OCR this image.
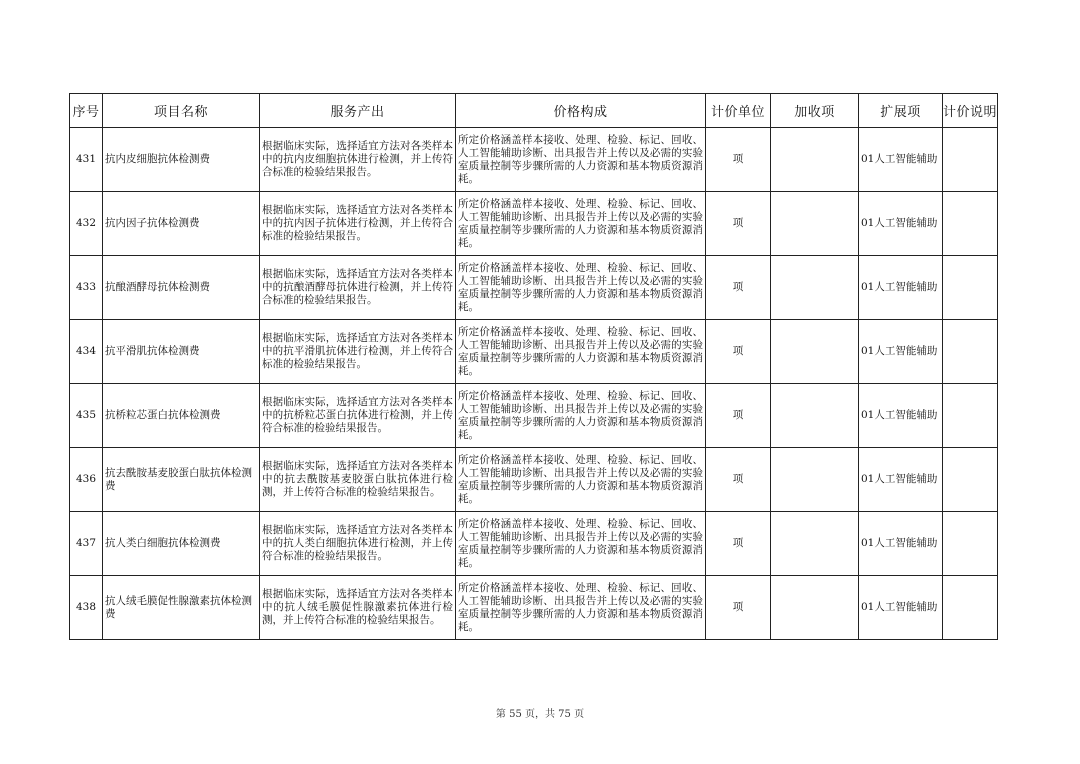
序号	项目名称	服务产出	价格构成	计价单位	加收项	扩展项	计价说明
431	抗内皮细胞抗体检测费	根据临床实际，选择适宜方法对各类样本中的抗内皮细胞抗体进行检测，并上传符合标准的检验结果报告。	所定价格涵盖样本接收、处理、检验、标记、回收、人工智能辅助诊断、出具报告并上传以及必需的实验室质量控制等步骤所需的人力资源和基本物质资源消耗。	项		01人工智能辅助	
432	抗内因子抗体检测费	根据临床实际，选择适宜方法对各类样本中的抗内因子抗体进行检测，并上传符合标准的检验结果报告。	所定价格涵盖样本接收、处理、检验、标记、回收、人工智能辅助诊断、出具报告并上传以及必需的实验室质量控制等步骤所需的人力资源和基本物质资源消耗。	项		01人工智能辅助	
433	抗酿酒酵母抗体检测费	根据临床实际，选择适宜方法对各类样本中的抗酿酒酵母抗体进行检测，并上传符合标准的检验结果报告。	所定价格涵盖样本接收、处理、检验、标记、回收、人工智能辅助诊断、出具报告并上传以及必需的实验室质量控制等步骤所需的人力资源和基本物质资源消耗。	项		01人工智能辅助	
434	抗平滑肌抗体检测费	根据临床实际，选择适宜方法对各类样本中的抗平滑肌抗体进行检测，并上传符合标准的检验结果报告。	所定价格涵盖样本接收、处理、检验、标记、回收、人工智能辅助诊断、出具报告并上传以及必需的实验室质量控制等步骤所需的人力资源和基本物质资源消耗。	项		01人工智能辅助	
435	抗桥粒芯蛋白抗体检测费	根据临床实际，选择适宜方法对各类样本中的抗桥粒芯蛋白抗体进行检测，并上传符合标准的检验结果报告。	所定价格涵盖样本接收、处理、检验、标记、回收、人工智能辅助诊断、出具报告并上传以及必需的实验室质量控制等步骤所需的人力资源和基本物质资源消耗。	项		01人工智能辅助	
436	抗去酰胺基麦胶蛋白肽抗体检测费	根据临床实际，选择适宜方法对各类样本中的抗去酰胺基麦胶蛋白肽抗体进行检测，并上传符合标准的检验结果报告。	所定价格涵盖样本接收、处理、检验、标记、回收、人工智能辅助诊断、出具报告并上传以及必需的实验室质量控制等步骤所需的人力资源和基本物质资源消耗。	项		01人工智能辅助	
437	抗人类白细胞抗体检测费	根据临床实际，选择适宜方法对各类样本中的抗人类白细胞抗体进行检测，并上传符合标准的检验结果报告。	所定价格涵盖样本接收、处理、检验、标记、回收、人工智能辅助诊断、出具报告并上传以及必需的实验室质量控制等步骤所需的人力资源和基本物质资源消耗。	项		01人工智能辅助	
438	抗人绒毛膜促性腺激素抗体检测费	根据临床实际，选择适宜方法对各类样本中的抗人绒毛膜促性腺激素抗体进行检测，并上传符合标准的检验结果报告。	所定价格涵盖样本接收、处理、检验、标记、回收、人工智能辅助诊断、出具报告并上传以及必需的实验室质量控制等步骤所需的人力资源和基本物质资源消耗。	项		01人工智能辅助	
第 55 页，共 75 页
